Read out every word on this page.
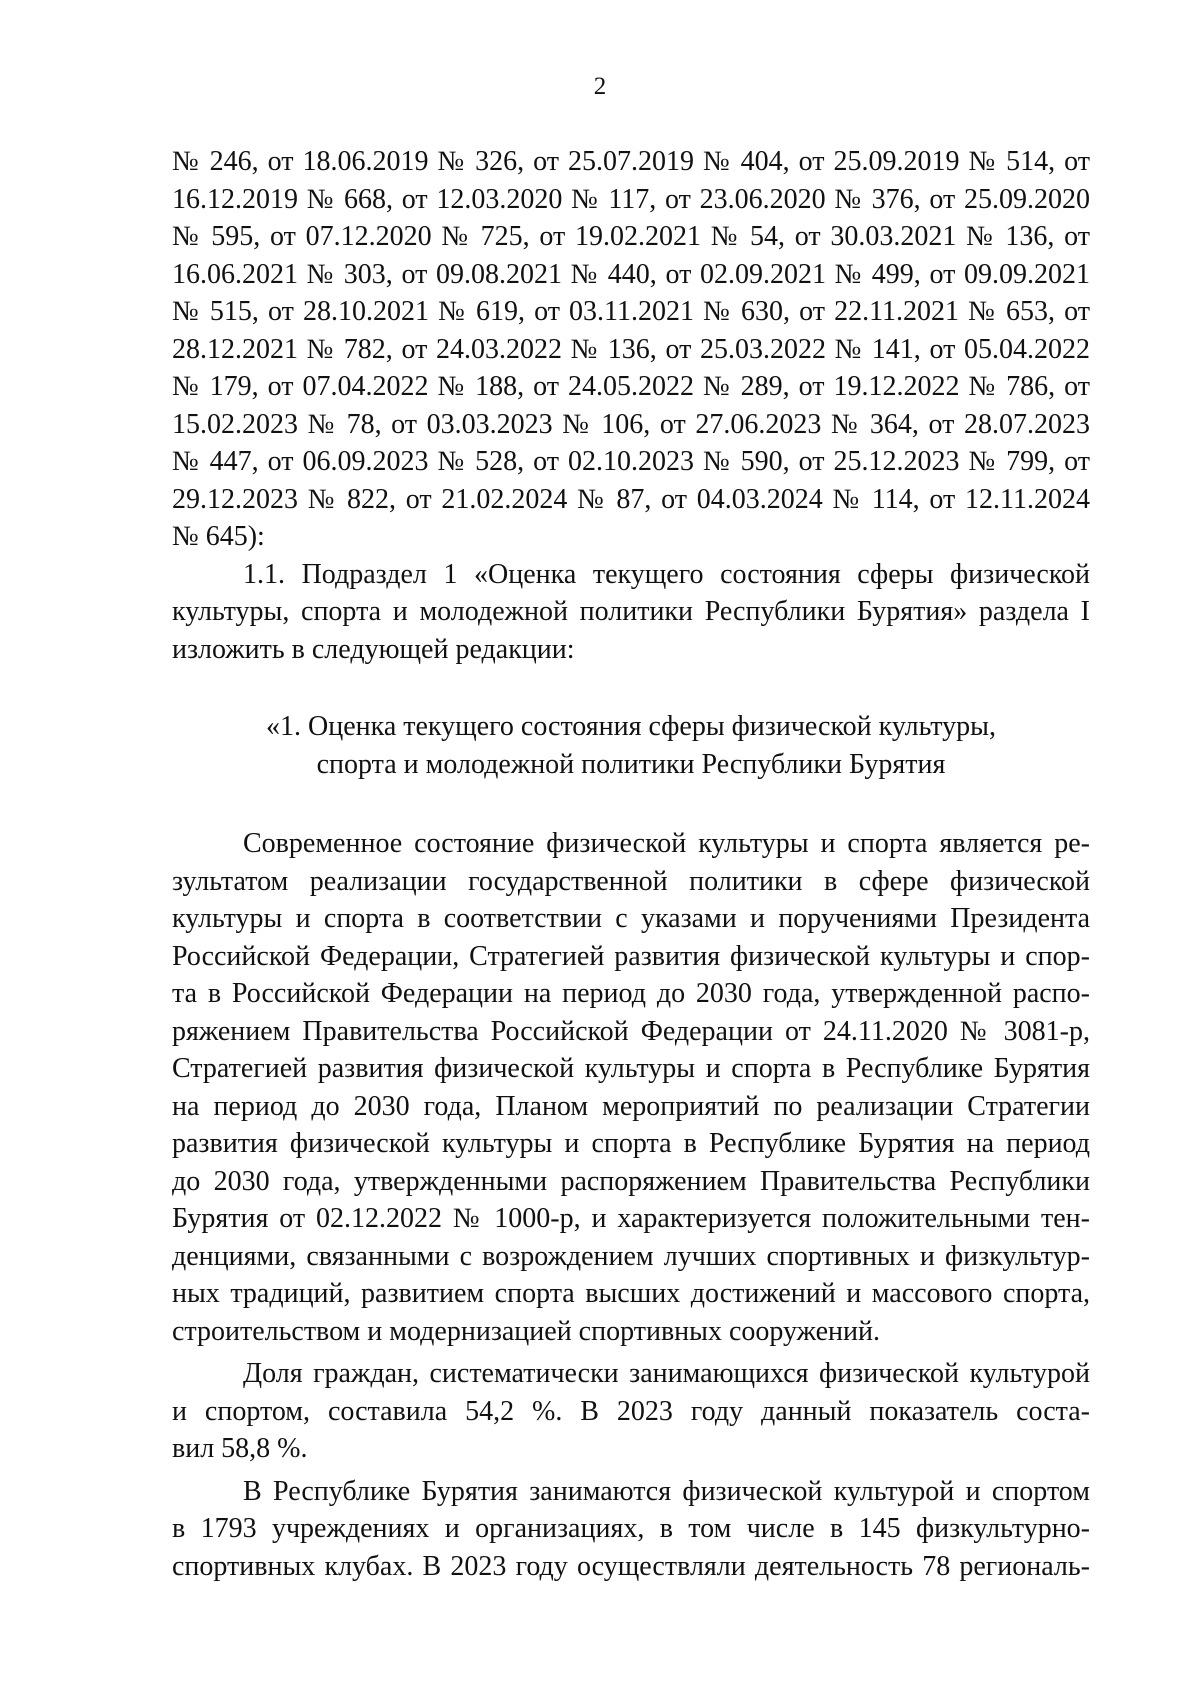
2
№ 246, от 18.06.2019 № 326, от 25.07.2019 № 404, от 25.09.2019 № 514, от
16.12.2019 № 668, от 12.03.2020 № 117, от 23.06.2020 № 376, от 25.09.2020
№ 595, от 07.12.2020 № 725, от 19.02.2021 № 54, от 30.03.2021 № 136, от
16.06.2021 № 303, от 09.08.2021 № 440, от 02.09.2021 № 499, от 09.09.2021
№ 515, от 28.10.2021 № 619, от 03.11.2021 № 630, от 22.11.2021 № 653, от
28.12.2021 № 782, от 24.03.2022 № 136, от 25.03.2022 № 141, от 05.04.2022
№ 179, от 07.04.2022 № 188, от 24.05.2022 № 289, от 19.12.2022 № 786, от
15.02.2023 № 78, от 03.03.2023 № 106, от 27.06.2023 № 364, от 28.07.2023
№ 447, от 06.09.2023 № 528, от 02.10.2023 № 590, от 25.12.2023 № 799, от
29.12.2023 № 822, от 21.02.2024 № 87, от 04.03.2024 № 114, от 12.11.2024
№ 645):
1.1. Подраздел 1 «Оценка текущего состояния сферы физической
культуры, спорта и молодежной политики Республики Бурятия» раздела I
изложить в следующей редакции:
«1. Оценка текущего состояния сферы физической культуры,
спорта и молодежной политики Республики Бурятия
Современное состояние физической культуры и спорта является ре-
зультатом реализации государственной политики в сфере физической
культуры и спорта в соответствии с указами и поручениями Президента
Российской Федерации, Стратегией развития физической культуры и спор-
та в Российской Федерации на период до 2030 года, утвержденной распо-
ряжением Правительства Российской Федерации от 24.11.2020 № 3081-р,
Стратегией развития физической культуры и спорта в Республике Бурятия
на период до 2030 года, Планом мероприятий по реализации Стратегии
развития физической культуры и спорта в Республике Бурятия на период
до 2030 года, утвержденными распоряжением Правительства Республики
Бурятия от 02.12.2022 № 1000-р, и характеризуется положительными тен-
денциями, связанными с возрождением лучших спортивных и физкультур-
ных традиций, развитием спорта высших достижений и массового спорта,
строительством и модернизацией спортивных сооружений.
Доля граждан, систематически занимающихся физической культурой
и спортом, составила 54,2 %. В 2023 году данный показатель соста-
вил 58,8 %.
В Республике Бурятия занимаются физической культурой и спортом
в 1793 учреждениях и организациях, в том числе в 145 физкультурно-
спортивных клубах. В 2023 году осуществляли деятельность 78 региональ-
